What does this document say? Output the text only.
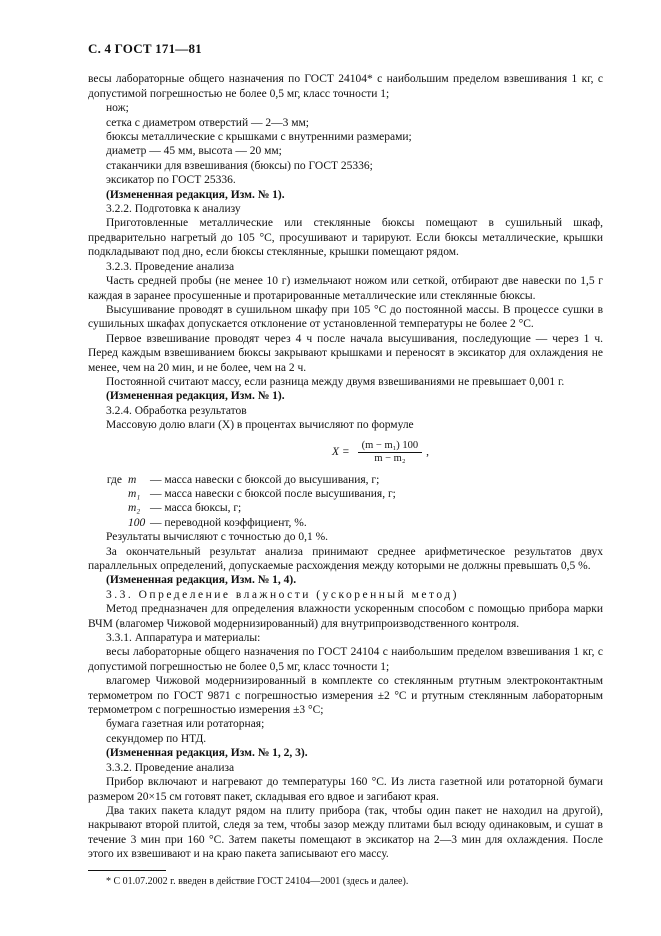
С. 4 ГОСТ 171—81

весы лабораторные общего назначения по ГОСТ 24104* с наибольшим пределом взвешивания 1 кг, с допустимой погрешностью не более 0,5 мг, класс точности 1;

нож;

сетка с диаметром отверстий — 2—3 мм;

бюксы металлические с крышками с внутренними размерами;

диаметр — 45 мм, высота — 20 мм;

стаканчики для взвешивания (бюксы) по ГОСТ 25336;

эксикатор по ГОСТ 25336.

(Измененная редакция, Изм. № 1).

3.2.2. Подготовка к анализу

Приготовленные металлические или стеклянные бюксы помещают в сушильный шкаф, предварительно нагретый до 105 °С, просушивают и тарируют. Если бюксы металлические, крышки подкладывают под дно, если бюксы стеклянные, крышки помещают рядом.

3.2.3. Проведение анализа

Часть средней пробы (не менее 10 г) измельчают ножом или сеткой, отбирают две навески по 1,5 г каждая в заранее просушенные и протарированные металлические или стеклянные бюксы.

Высушивание проводят в сушильном шкафу при 105 °С до постоянной массы. В процессе сушки в сушильных шкафах допускается отклонение от установленной температуры не более 2 °С.

Первое взвешивание проводят через 4 ч после начала высушивания, последующие — через 1 ч. Перед каждым взвешиванием бюксы закрывают крышками и переносят в эксикатор для охлаждения не менее, чем на 20 мин, и не более, чем на 2 ч.

Постоянной считают массу, если разница между двумя взвешиваниями не превышает 0,001 г.

(Измененная редакция, Изм. № 1).

3.2.4. Обработка результатов

Массовую долю влаги (X) в процентах вычисляют по формуле

$X = \frac{\text{(m − m₁) 100}}{\text{m − m₂}}$ ,
где m	— масса навески с бюксой до высушивания, г;
m₁ — масса навески с бюксой после высушивания, г;
m₂ — масса бюксы, г;
100 — переводной коэффициент, %.

Результаты вычисляют с точностью до 0,1 %.

За окончательный результат анализа принимают среднее арифметическое результатов двух параллельных определений, допускаемые расхождения между которыми не должны превышать 0,5 %.

(Измененная редакция, Изм. № 1, 4).

3.3. Определение влажности (ускоренный метод)

Метод предназначен для определения влажности ускоренным способом с помощью прибора марки ВЧМ (влагомер Чижовой модернизированный) для внутрипроизводственного контроля.

3.3.1. Аппаратура и материалы:

весы лабораторные общего назначения по ГОСТ 24104 с наибольшим пределом взвешивания 1 кг, с допустимой погрешностью не более 0,5 мг, класс точности 1;

влагомер Чижовой модернизированный в комплекте со стеклянным ртутным электроконтактным термометром по ГОСТ 9871 с погрешностью измерения ±2 °С и ртутным стеклянным лабораторным термометром с погрешностью измерения ±3 °С;

бумага газетная или ротаторная;

секундомер по НТД.

(Измененная редакция, Изм. № 1, 2, 3).

3.3.2. Проведение анализа

Прибор включают и нагревают до температуры 160 °С. Из листа газетной или ротаторной бумаги размером 20×15 см готовят пакет, складывая его вдвое и загибают края.

Два таких пакета кладут рядом на плиту прибора (так, чтобы один пакет не находил на другой), накрывают второй плитой, следя за тем, чтобы зазор между плитами был всюду одинаковым, и сушат в течение 3 мин при 160 °С. Затем пакеты помещают в эксикатор на 2—3 мин для охлаждения. После этого их взвешивают и на краю пакета записывают его массу.

* С 01.07.2002 г. введен в действие ГОСТ 24104—2001 (здесь и далее).
